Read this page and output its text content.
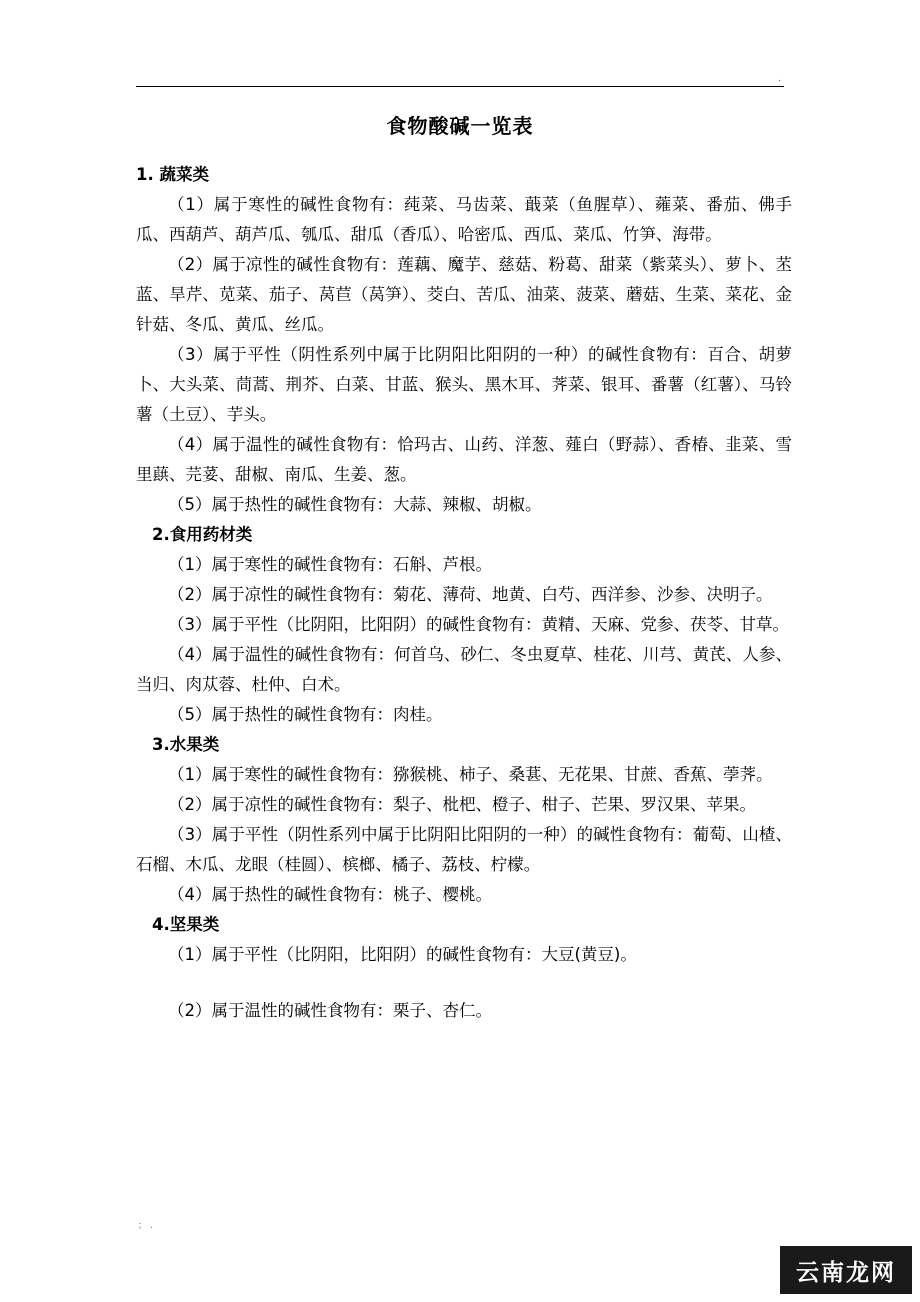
.
食物酸碱一览表

1. 蔬菜类

（1）属于寒性的碱性食物有：莼菜、马齿菜、蕺菜（鱼腥草）、蕹菜、番茄、佛手瓜、西葫芦、葫芦瓜、瓠瓜、甜瓜（香瓜）、哈密瓜、西瓜、菜瓜、竹笋、海带。

（2）属于凉性的碱性食物有：莲藕、魔芋、慈菇、粉葛、甜菜（紫菜头）、萝卜、苤蓝、旱芹、苋菜、茄子、莴苣（莴笋）、茭白、苦瓜、油菜、菠菜、蘑菇、生菜、菜花、金针菇、冬瓜、黄瓜、丝瓜。

（3）属于平性（阴性系列中属于比阴阳比阳阴的一种）的碱性食物有：百合、胡萝卜、大头菜、茼蒿、荆芥、白菜、甘蓝、猴头、黑木耳、荠菜、银耳、番薯（红薯）、马铃薯（土豆）、芋头。

（4）属于温性的碱性食物有：恰玛古、山药、洋葱、薤白（野蒜）、香椿、韭菜、雪里蕻、芫荽、甜椒、南瓜、生姜、葱。

（5）属于热性的碱性食物有：大蒜、辣椒、胡椒。

2.食用药材类

（1）属于寒性的碱性食物有：石斛、芦根。

（2）属于凉性的碱性食物有：菊花、薄荷、地黄、白芍、西洋参、沙参、决明子。

（3）属于平性（比阴阳，比阳阴）的碱性食物有：黄精、天麻、党参、茯苓、甘草。

（4）属于温性的碱性食物有：何首乌、砂仁、冬虫夏草、桂花、川芎、黄芪、人参、当归、肉苁蓉、杜仲、白术。

（5）属于热性的碱性食物有：肉桂。

3.水果类

（1）属于寒性的碱性食物有：猕猴桃、柿子、桑葚、无花果、甘蔗、香蕉、荸荠。

（2）属于凉性的碱性食物有：梨子、枇杷、橙子、柑子、芒果、罗汉果、苹果。

（3）属于平性（阴性系列中属于比阴阳比阳阴的一种）的碱性食物有：葡萄、山楂、石榴、木瓜、龙眼（桂圆）、槟榔、橘子、荔枝、柠檬。

（4）属于热性的碱性食物有：桃子、樱桃。

4.坚果类

（1）属于平性（比阴阳，比阳阴）的碱性食物有：大豆(黄豆)。

（2）属于温性的碱性食物有：栗子、杏仁。

；.
云南龙网
